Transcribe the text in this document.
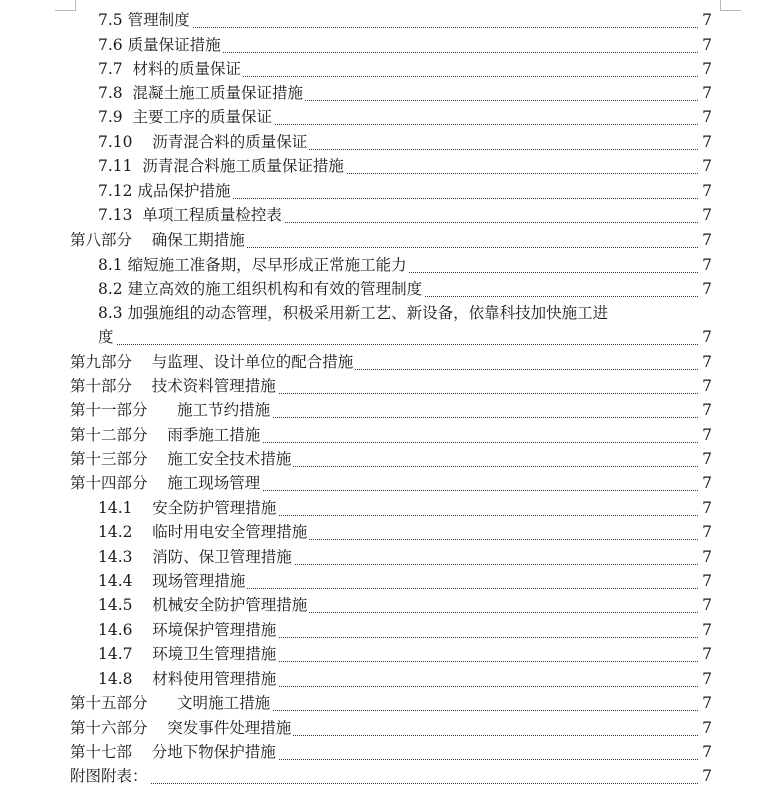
7.5 管理制度	7
7.6 质量保证措施	7
7.7  材料的质量保证	7
7.8  混凝土施工质量保证措施	7
7.9  主要工序的质量保证	7
7.10    沥青混合料的质量保证	7
7.11  沥青混合料施工质量保证措施	7
7.12 成品保护措施	7
7.13  单项工程质量检控表	7
第八部分    确保工期措施	7
8.1 缩短施工准备期，尽早形成正常施工能力	7
8.2 建立高效的施工组织机构和有效的管理制度	7
8.3 加强施组的动态管理，积极采用新工艺、新设备，依靠科技加快施工进
度	7
第九部分    与监理、设计单位的配合措施	7
第十部分    技术资料管理措施	7
第十一部分      施工节约措施	7
第十二部分    雨季施工措施	7
第十三部分    施工安全技术措施	7
第十四部分    施工现场管理	7
14.1    安全防护管理措施	7
14.2    临时用电安全管理措施	7
14.3    消防、保卫管理措施	7
14.4    现场管理措施	7
14.5    机械安全防护管理措施	7
14.6    环境保护管理措施	7
14.7    环境卫生管理措施	7
14.8    材料使用管理措施	7
第十五部分      文明施工措施	7
第十六部分    突发事件处理措施	7
第十七部    分地下物保护措施	7
附图附表：	7
